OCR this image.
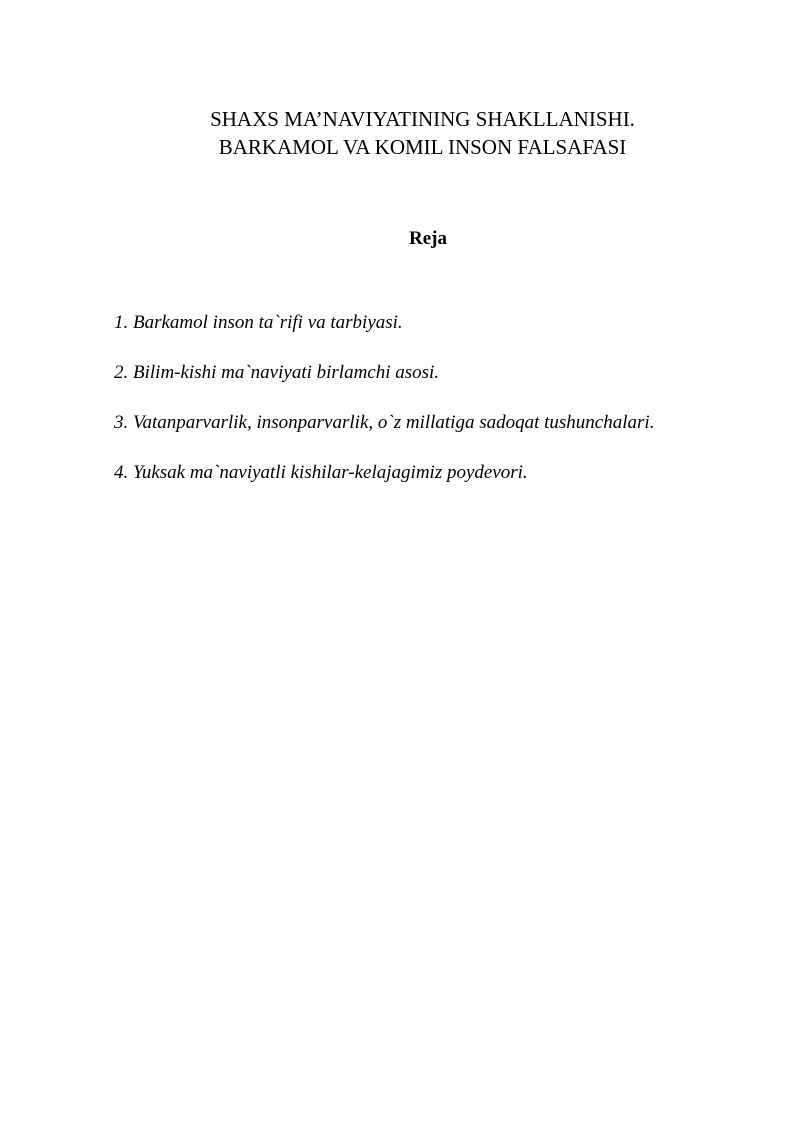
SHAXS MA’NAVIYATINING SHAKLLANISHI.
BARKAMOL VA KOMIL INSON FALSAFASI
Reja
1. Barkamol inson ta`rifi va tarbiyasi.
2. Bilim-kishi ma`naviyati birlamchi asosi.
3. Vatanparvarlik, insonparvarlik, o`z millatiga sadoqat tushunchalari.
4. Yuksak ma`naviyatli kishilar-kelajagimiz poydevori.
